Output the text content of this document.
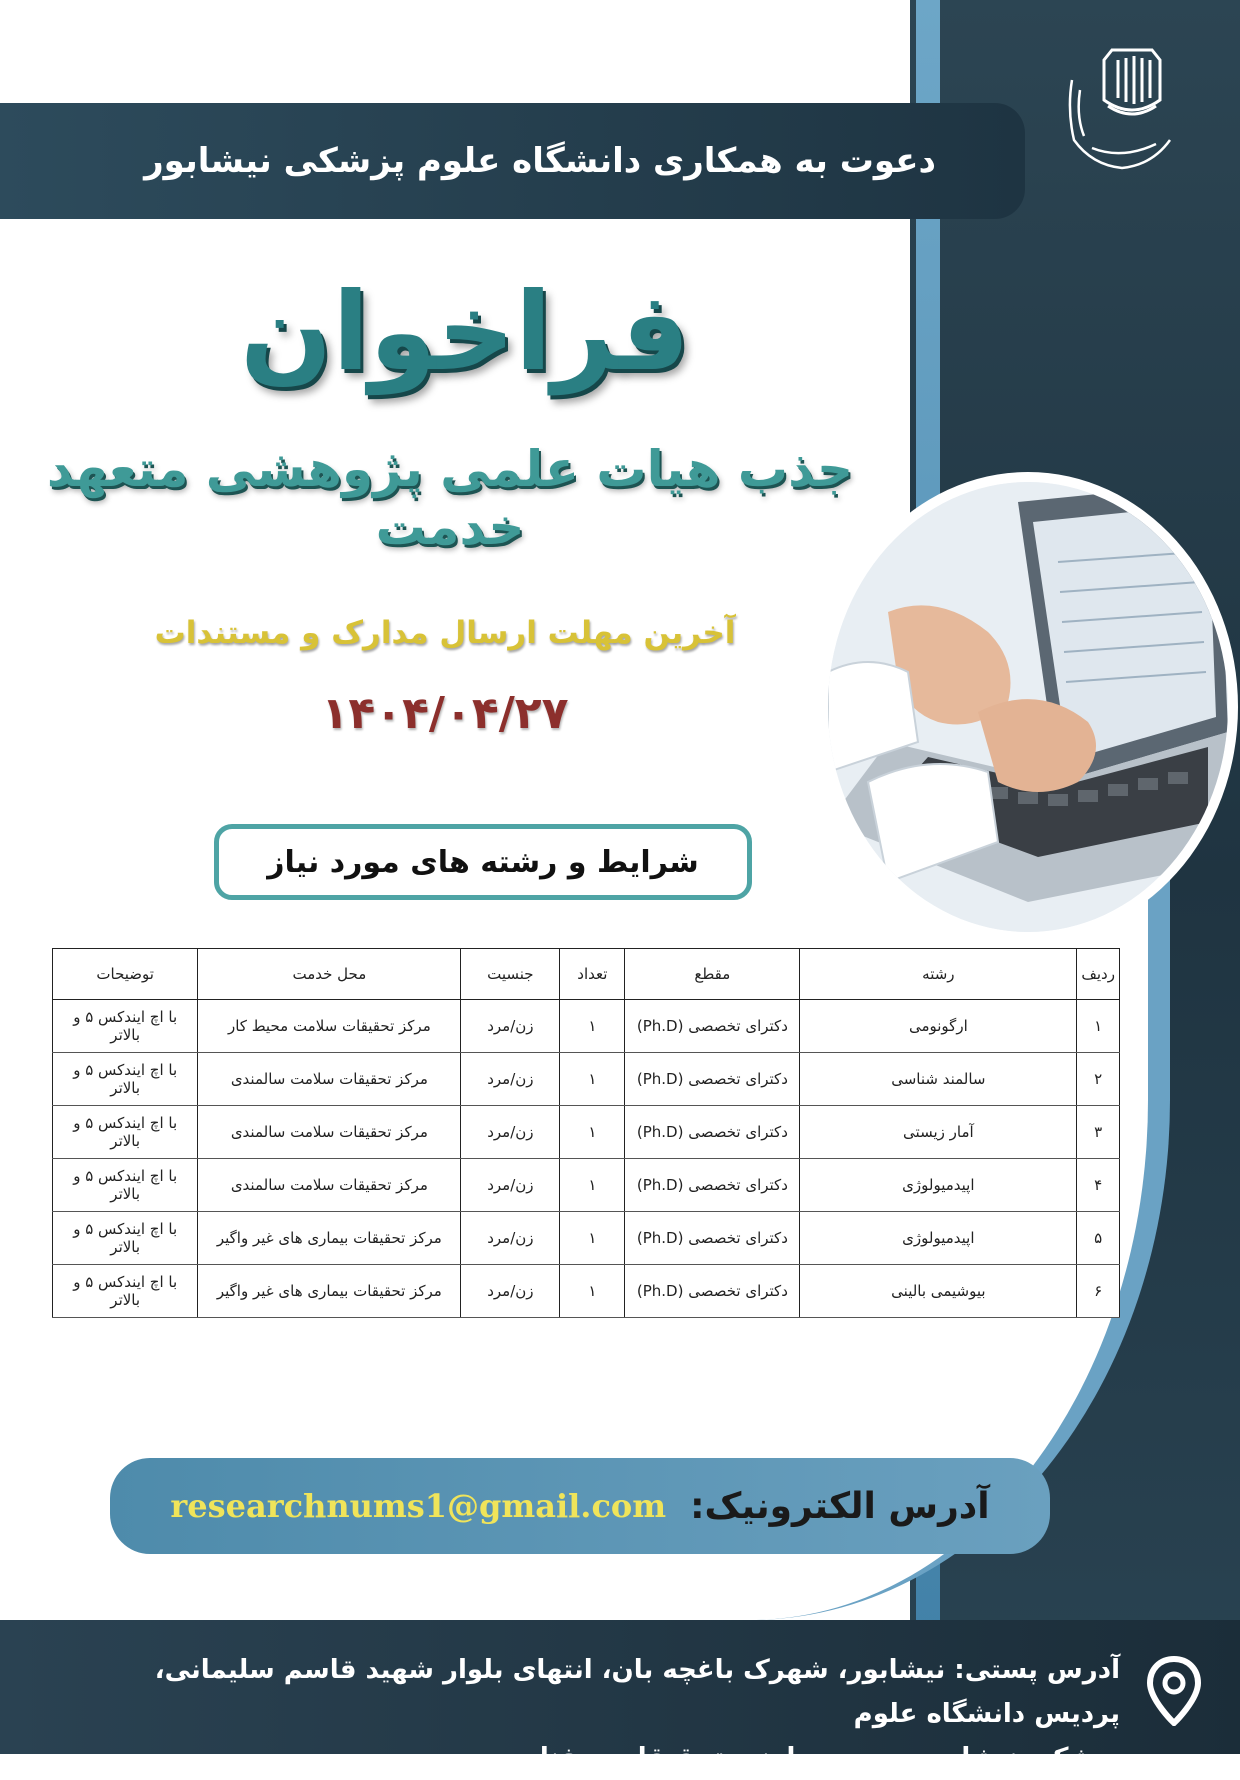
دعوت به همکاری دانشگاه علوم پزشکی نیشابور
فراخوان
جذب هیات علمی پژوهشی متعهد خدمت
آخرین مهلت ارسال مدارک و مستندات
۱۴۰۴/۰۴/۲۷
شرایط و رشته های مورد نیاز
ردیف	رشته	مقطع	تعداد	جنسیت	محل خدمت	توضیحات
۱	ارگونومی	دکترای تخصصی (Ph.D)	۱	زن/مرد	مرکز تحقیقات سلامت محیط کار	با اچ ایندکس ۵ و بالاتر
۲	سالمند شناسی	دکترای تخصصی (Ph.D)	۱	زن/مرد	مرکز تحقیقات سلامت سالمندی	با اچ ایندکس ۵ و بالاتر
۳	آمار زیستی	دکترای تخصصی (Ph.D)	۱	زن/مرد	مرکز تحقیقات سلامت سالمندی	با اچ ایندکس ۵ و بالاتر
۴	اپیدمیولوژی	دکترای تخصصی (Ph.D)	۱	زن/مرد	مرکز تحقیقات سلامت سالمندی	با اچ ایندکس ۵ و بالاتر
۵	اپیدمیولوژی	دکترای تخصصی (Ph.D)	۱	زن/مرد	مرکز تحقیقات بیماری های غیر واگیر	با اچ ایندکس ۵ و بالاتر
۶	بیوشیمی بالینی	دکترای تخصصی (Ph.D)	۱	زن/مرد	مرکز تحقیقات بیماری های غیر واگیر	با اچ ایندکس ۵ و بالاتر
آدرس الکترونیک:
researchnums1@gmail.com
آدرس پستی: نیشابور، شهرک باغچه بان، انتهای بلوار شهید قاسم سلیمانی، پردیس دانشگاه علوم
پزشکی نیشابور، حوزه معاونت تحقیقات و فناوری
